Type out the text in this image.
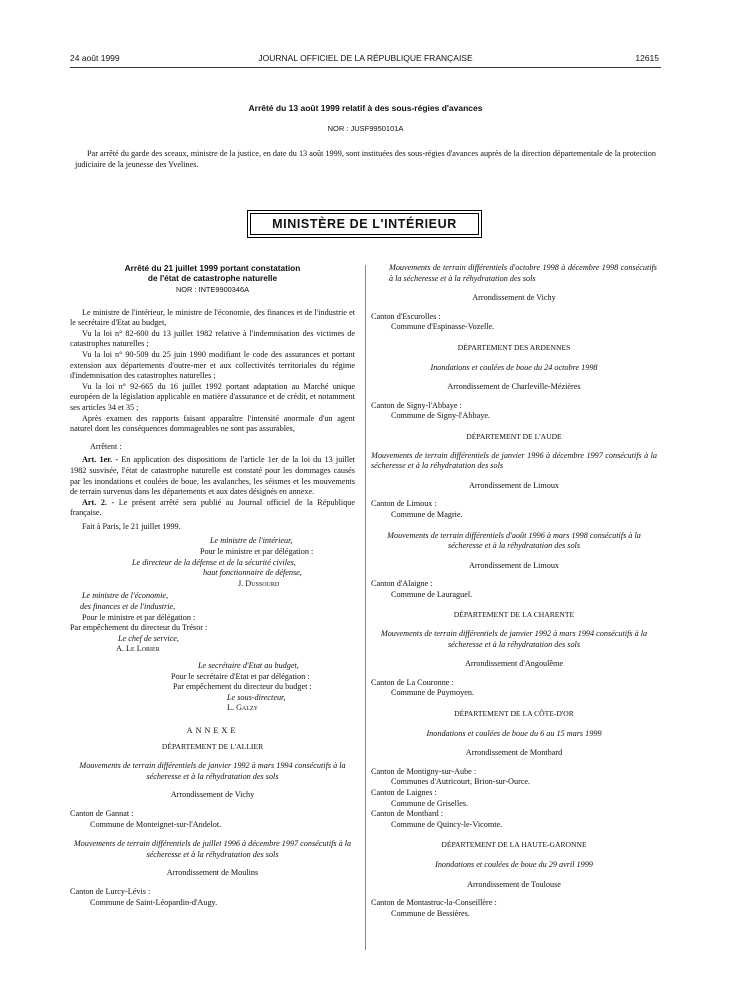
24 août 1999	JOURNAL OFFICIEL DE LA RÉPUBLIQUE FRANÇAISE	12615
Arrêté du 13 août 1999 relatif à des sous-régies d'avances
NOR : JUSF9950101A
Par arrêté du garde des sceaux, ministre de la justice, en date du 13 août 1999, sont instituées des sous-régies d'avances auprès de la direction départementale de la protection judiciaire de la jeunesse des Yvelines.
MINISTÈRE DE L'INTÉRIEUR
Arrêté du 21 juillet 1999 portant constatation
de l'état de catastrophe naturelle
NOR : INTE9900346A
Le ministre de l'intérieur, le ministre de l'économie, des finances et de l'industrie et le secrétaire d'Etat au budget,
Vu la loi n° 82-600 du 13 juillet 1982 relative à l'indemnisation des victimes de catastrophes naturelles ;
Vu la loi n° 90-509 du 25 juin 1990 modifiant le code des assurances et portant extension aux départements d'outre-mer et aux collectivités territoriales du régime d'indemnisation des catastrophes naturelles ;
Vu la loi n° 92-665 du 16 juillet 1992 portant adaptation au Marché unique européen de la législation applicable en matière d'assurance et de crédit, et notamment ses articles 34 et 35 ;
Après examen des rapports faisant apparaître l'intensité anormale d'un agent naturel dont les conséquences dommageables ne sont pas assurables,
Arrêtent :
Art. 1er. - En application des dispositions de l'article 1er de la loi du 13 juillet 1982 susvisée, l'état de catastrophe naturelle est constaté pour les dommages causés par les inondations et coulées de boue, les avalanches, les séismes et les mouvements de terrain survenus dans les départements et aux dates désignés en annexe.
Art. 2. - Le présent arrêté sera publié au Journal officiel de la République française.
Fait à Paris, le 21 juillet 1999.
Le ministre de l'intérieur,
Pour le ministre et par délégation :
Le directeur de la défense et de la sécurité civiles,
haut fonctionnaire de défense,
J. Dussourd
Le ministre de l'économie,
des finances et de l'industrie,
Pour le ministre et par délégation :
Par empêchement du directeur du Trésor :
Le chef de service,
A. Le Lorier
Le secrétaire d'Etat au budget,
Pour le secrétaire d'Etat et par délégation :
Par empêchement du directeur du budget :
Le sous-directeur,
L. Galzy
ANNEXE
DÉPARTEMENT DE L'ALLIER
Mouvements de terrain différentiels de janvier 1992 à mars 1994 consécutifs à la sécheresse et à la réhydratation des sols
Arrondissement de Vichy
Canton de Gannat :
Commune de Monteignet-sur-l'Andelot.
Mouvements de terrain différentiels de juillet 1996 à décembre 1997 consécutifs à la sécheresse et à la réhydratation des sols
Arrondissement de Moulins
Canton de Lurcy-Lévis :
Commune de Saint-Léopardin-d'Augy.
Mouvements de terrain différentiels d'octobre 1998 à décembre 1998 consécutifs à la sécheresse et à la réhydratation des sols
Arrondissement de Vichy
Canton d'Escurolles :
Commune d'Espinasse-Vozelle.
DÉPARTEMENT DES ARDENNES
Inondations et coulées de boue du 24 octobre 1998
Arrondissement de Charleville-Mézières
Canton de Signy-l'Abbaye :
Commune de Signy-l'Abbaye.
DÉPARTEMENT DE L'AUDE
Mouvements de terrain différentiels de janvier 1996 à décembre 1997 consécutifs à la sécheresse et à la réhydratation des sols
Arrondissement de Limoux
Canton de Limoux :
Commune de Magrie.
Mouvements de terrain différentiels d'août 1996 à mars 1998 consécutifs à la sécheresse et à la réhydratation des sols
Arrondissement de Limoux
Canton d'Alaigne :
Commune de Lauraguel.
DÉPARTEMENT DE LA CHARENTE
Mouvements de terrain différentiels de janvier 1992 à mars 1994 consécutifs à la sécheresse et à la réhydratation des sols
Arrondissement d'Angoulême
Canton de La Couronne :
Commune de Puymoyen.
DÉPARTEMENT DE LA CÔTE-D'OR
Inondations et coulées de boue du 6 au 15 mars 1999
Arrondissement de Montbard
Canton de Montigny-sur-Aube :
Communes d'Autricourt, Brion-sur-Ource.
Canton de Laignes :
Commune de Griselles.
Canton de Montbard :
Commune de Quincy-le-Vicomte.
DÉPARTEMENT DE LA HAUTE-GARONNE
Inondations et coulées de boue du 29 avril 1999
Arrondissement de Toulouse
Canton de Montastruc-la-Conseillère :
Commune de Bessières.
